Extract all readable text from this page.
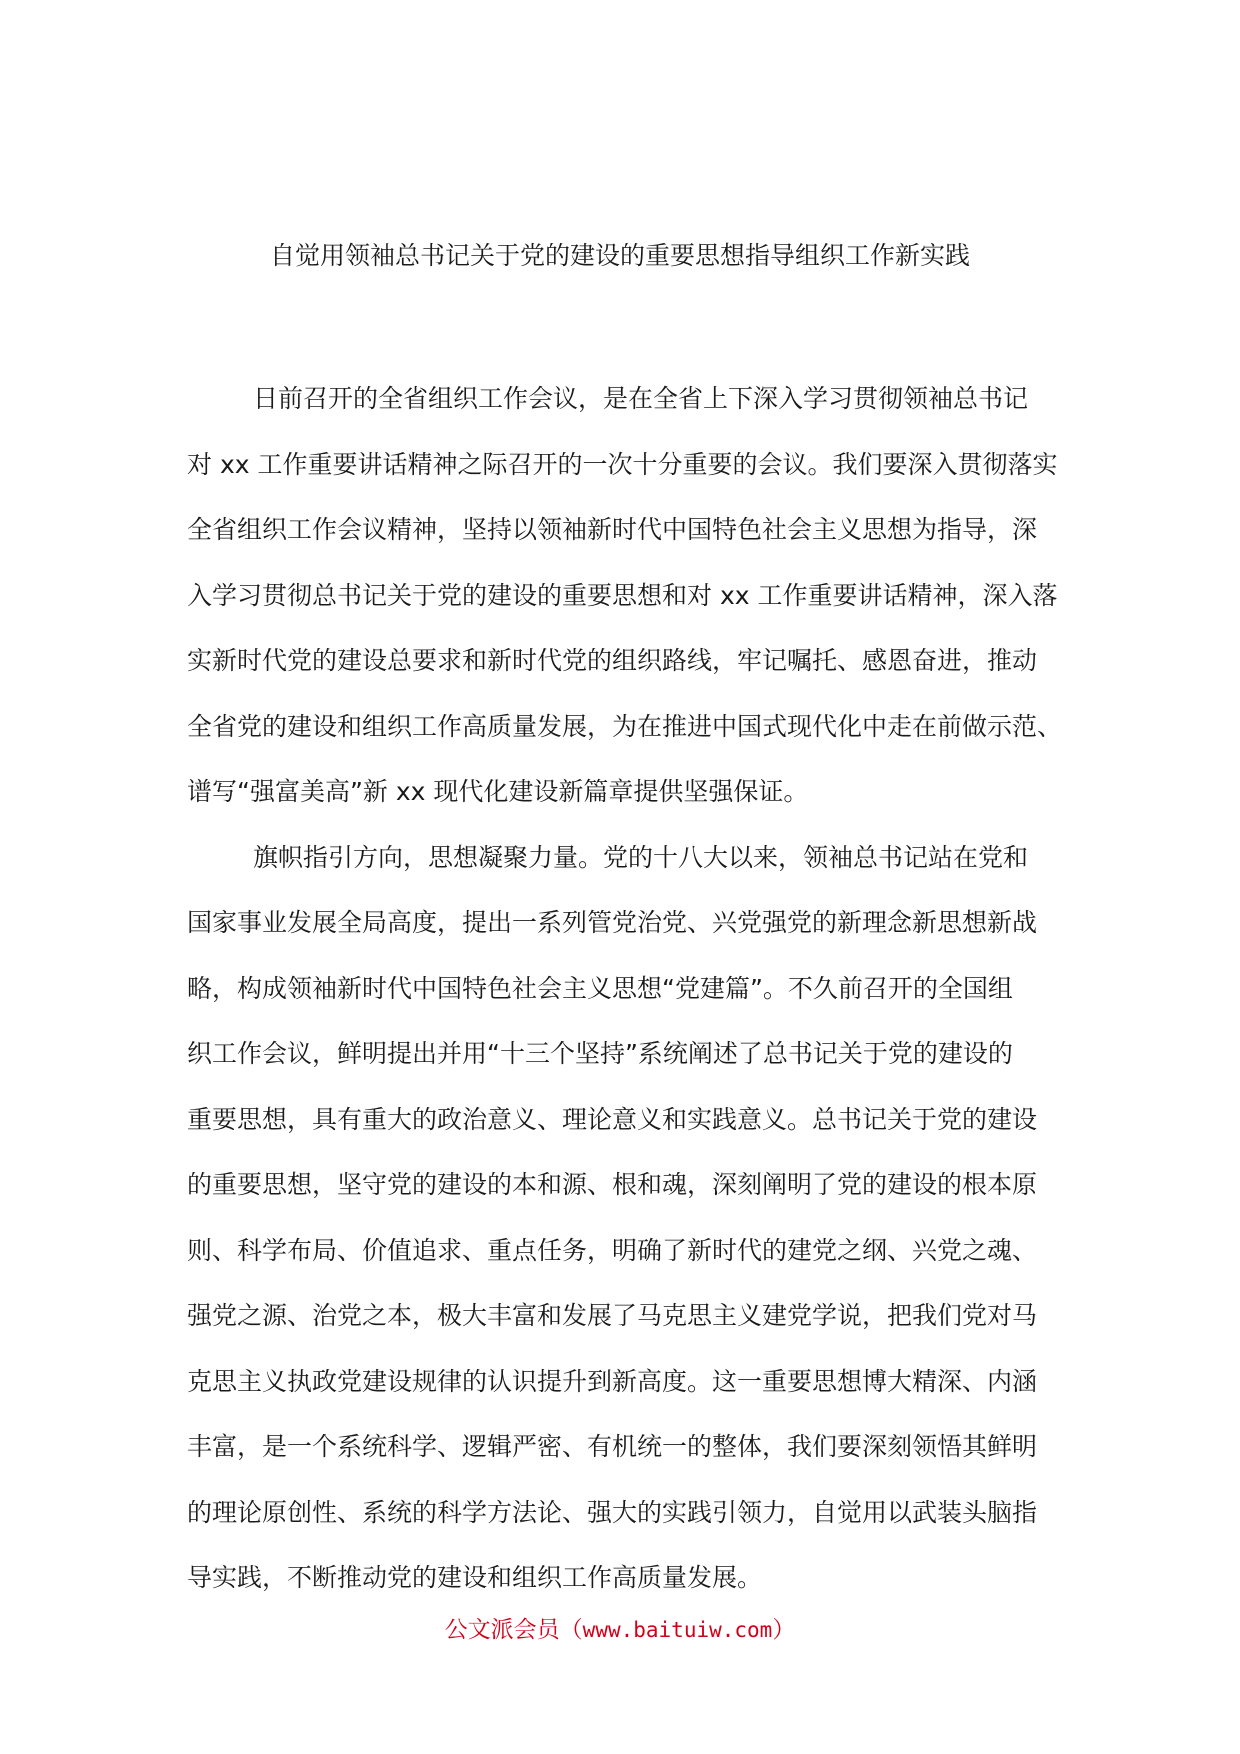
自觉用领袖总书记关于党的建设的重要思想指导组织工作新实践

日前召开的全省组织工作会议，是在全省上下深入学习贯彻领袖总书记
对 xx 工作重要讲话精神之际召开的一次十分重要的会议。我们要深入贯彻落实
全省组织工作会议精神，坚持以领袖新时代中国特色社会主义思想为指导，深
入学习贯彻总书记关于党的建设的重要思想和对 xx 工作重要讲话精神，深入落
实新时代党的建设总要求和新时代党的组织路线，牢记嘱托、感恩奋进，推动
全省党的建设和组织工作高质量发展，为在推进中国式现代化中走在前做示范、
谱写“强富美高”新 xx 现代化建设新篇章提供坚强保证。

旗帜指引方向，思想凝聚力量。党的十八大以来，领袖总书记站在党和
国家事业发展全局高度，提出一系列管党治党、兴党强党的新理念新思想新战
略，构成领袖新时代中国特色社会主义思想“党建篇”。不久前召开的全国组
织工作会议，鲜明提出并用“十三个坚持”系统阐述了总书记关于党的建设的
重要思想，具有重大的政治意义、理论意义和实践意义。总书记关于党的建设
的重要思想，坚守党的建设的本和源、根和魂，深刻阐明了党的建设的根本原
则、科学布局、价值追求、重点任务，明确了新时代的建党之纲、兴党之魂、
强党之源、治党之本，极大丰富和发展了马克思主义建党学说，把我们党对马
克思主义执政党建设规律的认识提升到新高度。这一重要思想博大精深、内涵
丰富，是一个系统科学、逻辑严密、有机统一的整体，我们要深刻领悟其鲜明
的理论原创性、系统的科学方法论、强大的实践引领力，自觉用以武装头脑指
导实践，不断推动党的建设和组织工作高质量发展。

公文派会员（www.baituiw.com）
